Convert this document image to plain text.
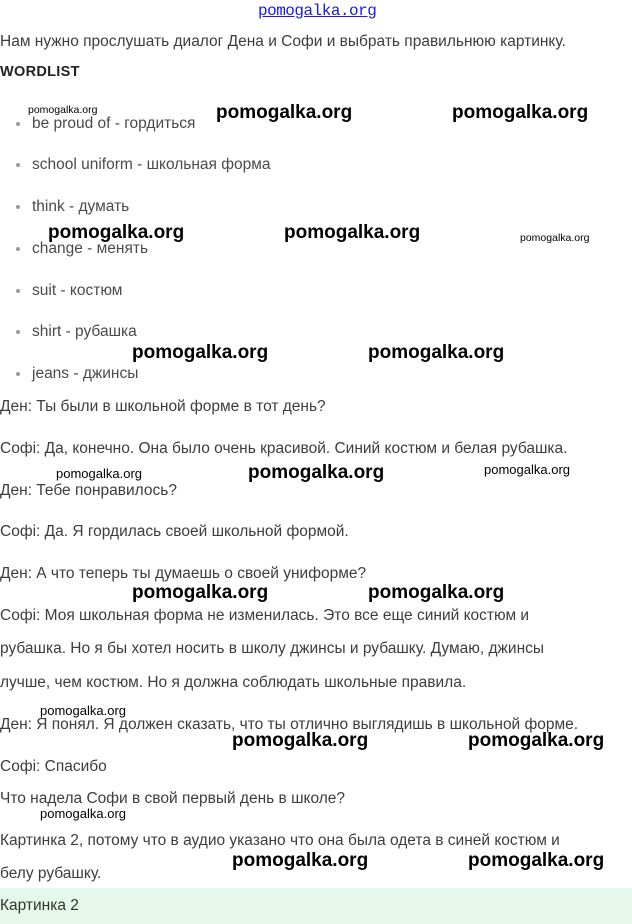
pomogalka.org
Нам нужно прослушать диалог Дена и Софи и выбрать правильнюю картинку.
WORDLIST
be proud of - гордиться
school uniform - школьная форма
think - думать
change - менять
suit - костюм
shirt - рубашка
jeans - джинсы
Ден: Ты были в школьной форме в тот день?
Софі: Да, конечно. Она было очень красивой. Синий костюм и белая рубашка.
Ден: Тебе понравилось?
Софі: Да. Я гордилась своей школьной формой.
Ден: А что теперь ты думаешь о своей униформе?
Софі: Моя школьная форма не изменилась. Это все еще синий костюм и
рубашка. Но я бы хотел носить в школу джинсы и рубашку. Думаю, джинсы
лучше, чем костюм. Но я должна соблюдать школьные правила.
Ден: Я понял. Я должен сказать, что ты отлично выглядишь в школьной форме.
Софі: Спасибо
Что надела Софи в свой первый день в школе?
Картинка 2, потому что в аудио указано что она была одета в синей костюм и
белу рубашку.
Картинка 2
pomogalka.org	pomogalka.org	pomogalka.org
pomogalka.org	pomogalka.org	pomogalka.org
pomogalka.org	pomogalka.org
pomogalka.org	pomogalka.org	pomogalka.org
pomogalka.org	pomogalka.org
pomogalka.org
pomogalka.org	pomogalka.org
pomogalka.org
pomogalka.org	pomogalka.org
